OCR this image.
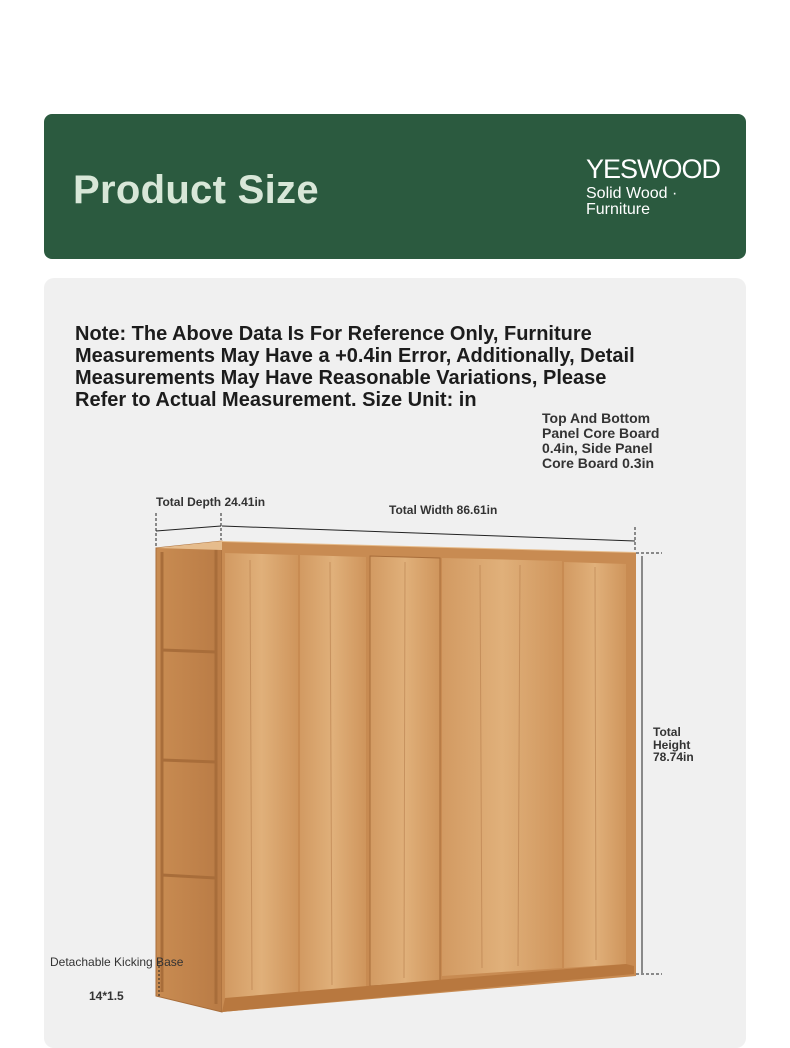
Product Size	YESWOOD
Solid Wood · Furniture
Note: The Above Data Is For Reference Only, Furniture Measurements May Have a +0.4in Error, Additionally, Detail Measurements May Have Reasonable Variations, Please Refer to Actual Measurement. Size Unit: in
Top And Bottom Panel Core Board 0.4in, Side Panel Core Board 0.3in
Total Depth 24.41in
Total Width 86.61in
Total Height 78.74in
Detachable Kicking Base
14*1.5
